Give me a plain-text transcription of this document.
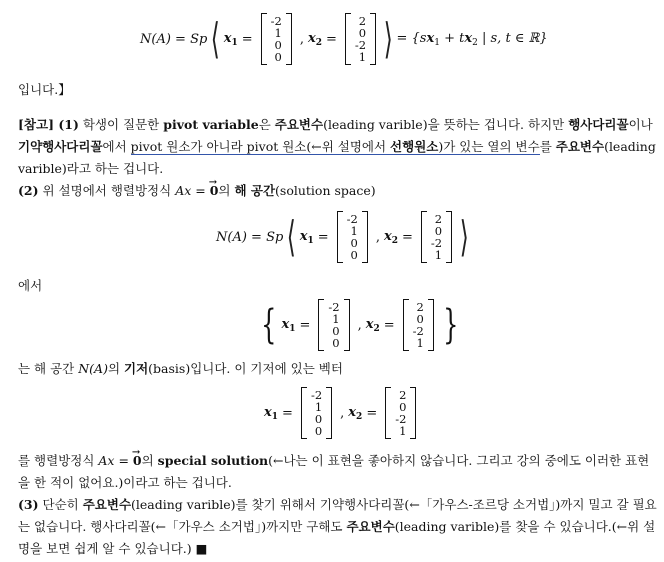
N(A) = Sp ⟨ $x_1$ =
-2
1
0
0
, $x_2$ =
2
0
-2
1 ⟩ = {$sx_1 + tx_2$ | s, t ∈ ℝ}
입니다.】
[참고] (1) 학생이 질문한 pivot variable은 주요변수(leading varible)을 뜻하는 겁니다. 하지만 행사다리꼴이나 기약행사다리꼴에서 pivot 원소가 아니라 pivot 원소(←위 설명에서 선행원소)가 있는 열의 변수를 주요변수(leading varible)라고 하는 겁니다.
(2) 위 설명에서 행렬방정식 Ax = → 0의 해 공간(solution space)
N(A) = Sp ⟨ $x_1$ =
-2
1
0
0
, $x_2$ =
2
0
-2
1 ⟩
에서
{ $x_1$ =
-2
1
0
0
, $x_2$ =
2
0
-2
1 }
는 해 공간 N(A)의 기저(basis)입니다. 이 기저에 있는 벡터
$x_1$ =
-2
1
0
0
, $x_2$ =
2
0
-2
1
를 행렬방정식 Ax = → 0의 special solution(←나는 이 표현을 좋아하지 않습니다. 그리고 강의 중에도 이러한 표현을 한 적이 없어요.)이라고 하는 겁니다.
(3) 단순히 주요변수(leading varible)를 찾기 위해서 기약행사다리꼴(←「가우스-조르당 소거법」)까지 밀고 갈 필요는 없습니다. 행사다리꼴(←「가우스 소거법」)까지만 구해도 주요변수(leading varible)를 찾을 수 있습니다.(←위 설명을 보면 쉽게 알 수 있습니다.) ■
